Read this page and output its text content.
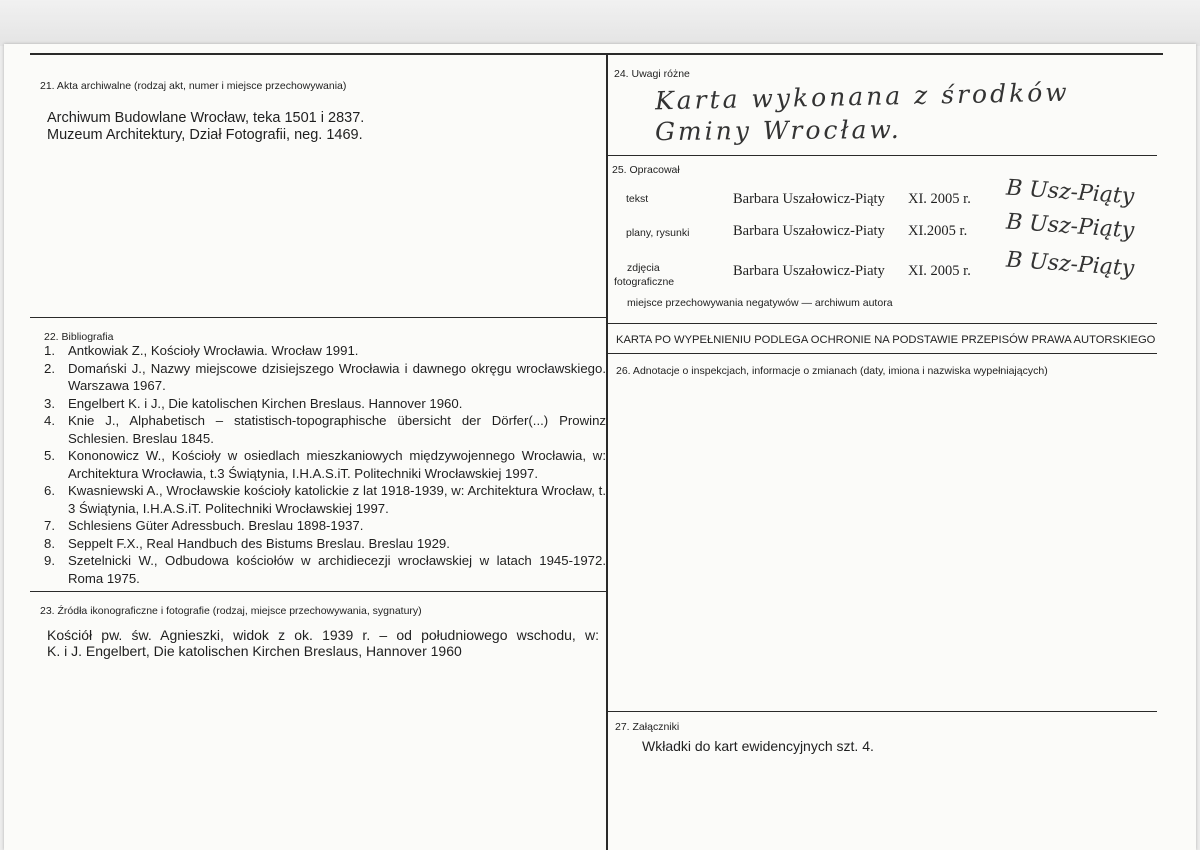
21. Akta archiwalne (rodzaj akt, numer i miejsce przechowywania)
Archiwum Budowlane Wrocław, teka 1501 i 2837.
Muzeum Architektury, Dział Fotografii, neg. 1469.
22. Bibliografia
1. Antkowiak Z., Kościoły Wrocławia. Wrocław 1991.
2. Domański J., Nazwy miejscowe dzisiejszego Wrocławia i dawnego okręgu wrocławskiego. Warszawa 1967.
3. Engelbert K. i J., Die katolischen Kirchen Breslaus. Hannover 1960.
4. Knie J., Alphabetisch – statistisch-topographische übersicht der Dörfer(...) Prowinz Schlesien. Breslau 1845.
5. Kononowicz W., Kościoły w osiedlach mieszkaniowych międzywojennego Wrocławia, w: Architektura Wrocławia, t.3 Świątynia, I.H.A.S.iT. Politechniki Wrocławskiej 1997.
6. Kwasniewski A., Wrocławskie kościoły katolickie z lat 1918-1939, w: Architektura Wrocław, t. 3 Świątynia, I.H.A.S.iT. Politechniki Wrocławskiej 1997.
7. Schlesiens Güter Adressbuch. Breslau 1898-1937.
8. Seppelt F.X., Real Handbuch des Bistums Breslau. Breslau 1929.
9. Szetelnicki W., Odbudowa kościołów w archidiecezji wrocławskiej w latach 1945-1972. Roma 1975.
23. Źródła ikonograficzne i fotografie (rodzaj, miejsce przechowywania, sygnatury)
Kościół pw. św. Agnieszki, widok z ok. 1939 r. – od południowego wschodu, w:
K. i J. Engelbert, Die katolischen Kirchen Breslaus, Hannover 1960
24. Uwagi różne
Karta wykonana z środków
Gminy Wrocław.
25. Opracował
tekst	Barbara Uszałowicz-Piąty XI. 2005 r. B Usz-Piąty
plany, rysunki	Barbara Uszałowicz-Piaty XI.2005 r. B Usz-Piąty
zdjęcia
fotograficzne
Barbara Uszałowicz-Piaty XI. 2005 r. B Usz-Piąty
miejsce przechowywania negatywów — archiwum autora
KARTA PO WYPEŁNIENIU PODLEGA OCHRONIE NA PODSTAWIE PRZEPISÓW PRAWA AUTORSKIEGO
26. Adnotacje o inspekcjach, informacje o zmianach (daty, imiona i nazwiska wypełniających)
27. Załączniki
Wkładki do kart ewidencyjnych szt. 4.
